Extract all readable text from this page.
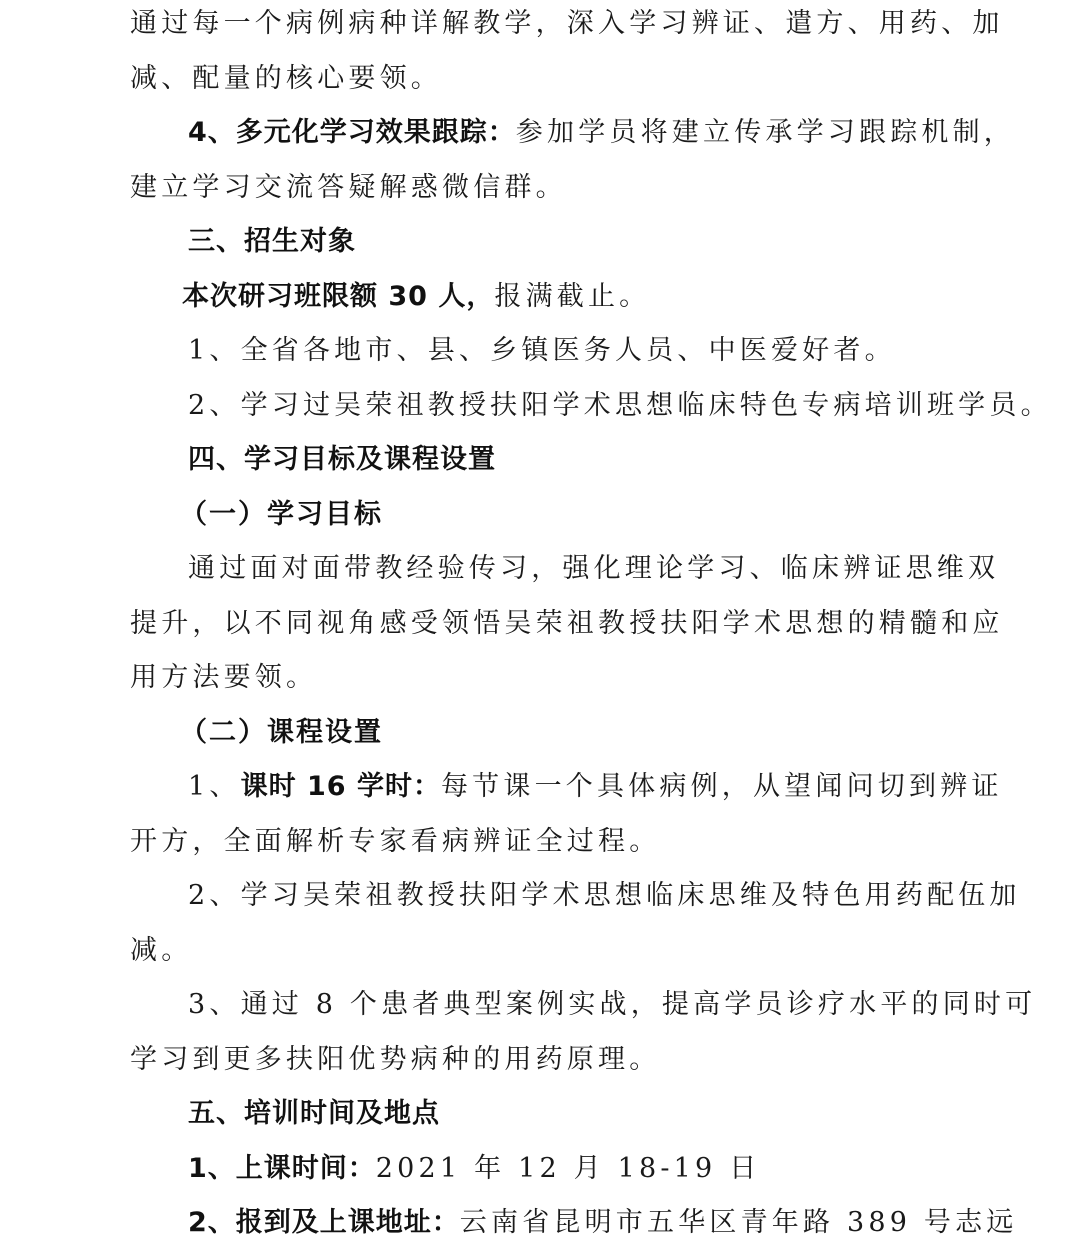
通过每一个病例病种详解教学，深入学习辨证、遣方、用药、加
减、配量的核心要领。
4、多元化学习效果跟踪：参加学员将建立传承学习跟踪机制，
建立学习交流答疑解惑微信群。
三、招生对象
本次研习班限额 30 人，报满截止。
1、全省各地市、县、乡镇医务人员、中医爱好者。
2、学习过吴荣祖教授扶阳学术思想临床特色专病培训班学员。
四、学习目标及课程设置
（一）学习目标
通过面对面带教经验传习，强化理论学习、临床辨证思维双
提升，以不同视角感受领悟吴荣祖教授扶阳学术思想的精髓和应
用方法要领。
（二）课程设置
1、课时 16 学时：每节课一个具体病例，从望闻问切到辨证
开方，全面解析专家看病辨证全过程。
2、学习吴荣祖教授扶阳学术思想临床思维及特色用药配伍加
减。
3、通过 8 个患者典型案例实战，提高学员诊疗水平的同时可
学习到更多扶阳优势病种的用药原理。
五、培训时间及地点
1、上课时间：2021 年 12 月 18-19 日
2、报到及上课地址：云南省昆明市五华区青年路 389 号志远
